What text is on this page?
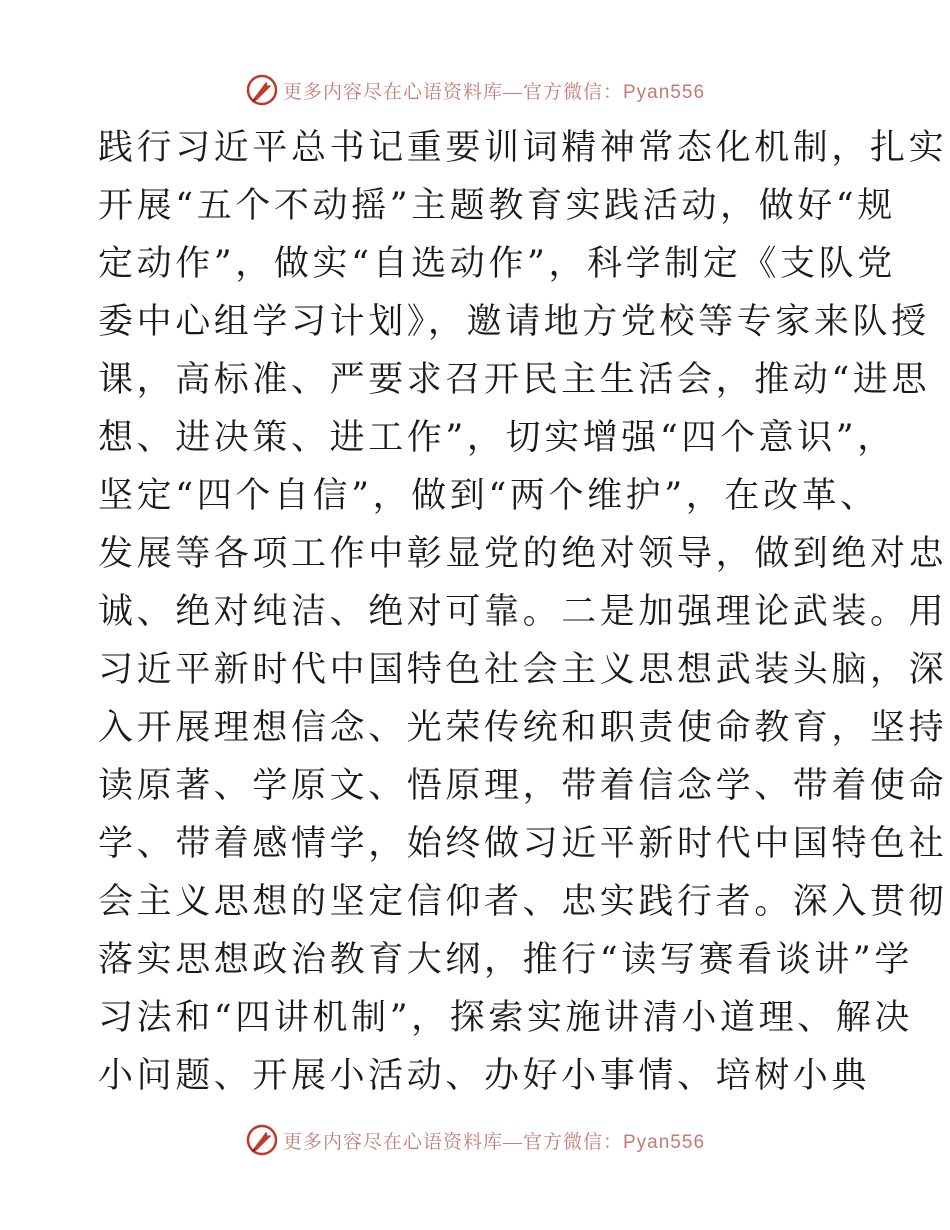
更多内容尽在心语资料库—官方微信：Pyan556
践行习近平总书记重要训词精神常态化机制，扎实
开展“五个不动摇”主题教育实践活动，做好“规
定动作”，做实“自选动作”，科学制定《支队党
委中心组学习计划》，邀请地方党校等专家来队授
课，高标准、严要求召开民主生活会，推动“进思
想、进决策、进工作”，切实增强“四个意识”，
坚定“四个自信”，做到“两个维护”，在改革、
发展等各项工作中彰显党的绝对领导，做到绝对忠
诚、绝对纯洁、绝对可靠。二是加强理论武装。用
习近平新时代中国特色社会主义思想武装头脑，深
入开展理想信念、光荣传统和职责使命教育，坚持
读原著、学原文、悟原理，带着信念学、带着使命
学、带着感情学，始终做习近平新时代中国特色社
会主义思想的坚定信仰者、忠实践行者。深入贯彻
落实思想政治教育大纲，推行“读写赛看谈讲”学
习法和“四讲机制”，探索实施讲清小道理、解决
小问题、开展小活动、办好小事情、培树小典
更多内容尽在心语资料库—官方微信：Pyan556
